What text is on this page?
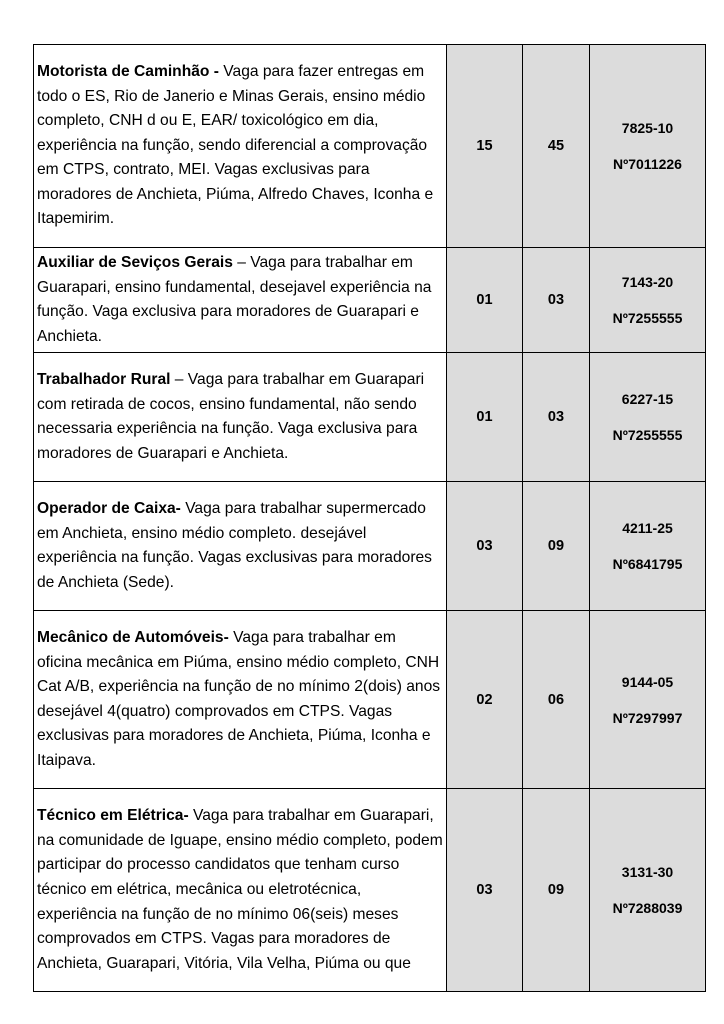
Motorista de Caminhão - Vaga para fazer entregas em todo o ES, Rio de Janerio e Minas Gerais, ensino médio completo, CNH d ou E, EAR/ toxicológico em dia, experiência na função, sendo diferencial a comprovação em CTPS, contrato, MEI. Vagas exclusivas para moradores de Anchieta, Piúma, Alfredo Chaves, Iconha e Itapemirim.	15	45	7825-10
Nº7011226

Auxiliar de Seviços Gerais – Vaga para trabalhar em Guarapari, ensino fundamental, desejavel experiência na função. Vaga exclusiva para moradores de Guarapari e Anchieta.	01	03	7143-20
Nº7255555

Trabalhador Rural – Vaga para trabalhar em Guarapari com retirada de cocos, ensino fundamental, não sendo necessaria experiência na função. Vaga exclusiva para moradores de Guarapari e Anchieta.	01	03	6227-15
Nº7255555

Operador de Caixa- Vaga para trabalhar supermercado em Anchieta, ensino médio completo. desejável experiência na função. Vagas exclusivas para moradores de Anchieta (Sede).	03	09	4211-25
Nº6841795

Mecânico de Automóveis- Vaga para trabalhar em oficina mecânica em Piúma, ensino médio completo, CNH Cat A/B, experiência na função de no mínimo 2(dois) anos desejável 4(quatro) comprovados em CTPS. Vagas exclusivas para moradores de Anchieta, Piúma, Iconha e Itaipava.	02	06	9144-05
Nº7297997

Técnico em Elétrica- Vaga para trabalhar em Guarapari, na comunidade de Iguape, ensino médio completo, podem participar do processo candidatos que tenham curso técnico em elétrica, mecânica ou eletrotécnica, experiência na função de no mínimo 06(seis) meses comprovados em CTPS. Vagas para moradores de Anchieta, Guarapari, Vitória, Vila Velha, Piúma ou que	03	09	3131-30
Nº7288039
